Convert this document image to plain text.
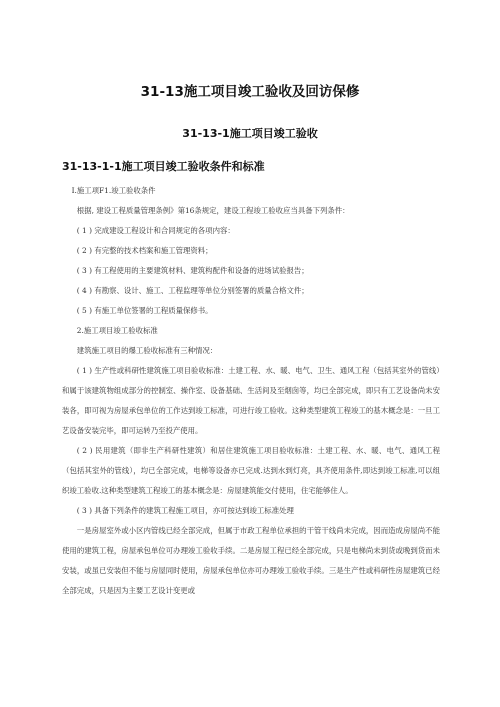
31-13施工项目竣工验收及回访保修
31-13-1施工项目竣工验收
31-13-1-1施工项目竣工验收条件和标准

I.施工项F1.竣工验收条件

根据, 建设工程质量管理条例》第16条规定，建设工程竣工验收应当具备下列条件：

( 1 ) 完成建设工程设计和合同规定的各项内容：

( 2 ) 有完整的技术档案和施工管理资料；

( 3 ) 有工程使用的主要建筑材料、建筑构配件和设备的进场试验报告；

( 4 ) 有勘察、设计、施工、工程监理等单位分别签署的质量合格文件；

( 5 ) 有施工单位签署的工程质量保修书。

2.施工项目竣工验收标准

建筑施工项目的爆工验收标准有三种情况：

( 1 ) 生产性或科研性建筑施工项目验收标准：土建工程、水、暖、电气、卫生、通风工程（包括其室外的管线）和属于该建筑物组成部分的控制室、操作室、设备基础、生活间及至烟囱等，均已全部完成，即只有工艺设备尚未安装各，即可视为房屋承包单位的工作达到竣工标准，可进行竣工验收。这种类型建筑工程竣工的基木概念是：一旦工艺设备安装完毕，即可运转乃至投产使用。

( 2 ) 民用建筑（即非生产科研性建筑）和居住建筑施工项目验收标准：土建工程、水、暖、电气、通风工程（包括其室外的管线），均已全部完成，电梯等设备亦已完成.达到水到灯亮，具齐使用条件,即达到竣工标准,可以组织竣工验收.这种类型建筑工程竣工的基本概念是：房屋建筑能交付使用，住宅能够住人。

( 3 ) 具备下列条件的建筑工程施工项目，亦可按达到竣工标准处理

一是房屋室外或小区内管线已经全部完成，但属于市政工程单位承担的干管干线尚未完成，因而造成房屋尚不能使用的建筑工程，房屋承包单位可办理竣工验收手续。二是房屋工程已经全部完成，只是电梯尚未到货或晚到货而未安装，或虽已安装但不能与房屋同时使用，房屋承包单位亦可办理竣工验收手续。三是生产性或科研性房屋建筑已经全部完成，只是因为主要工艺设计变更或
